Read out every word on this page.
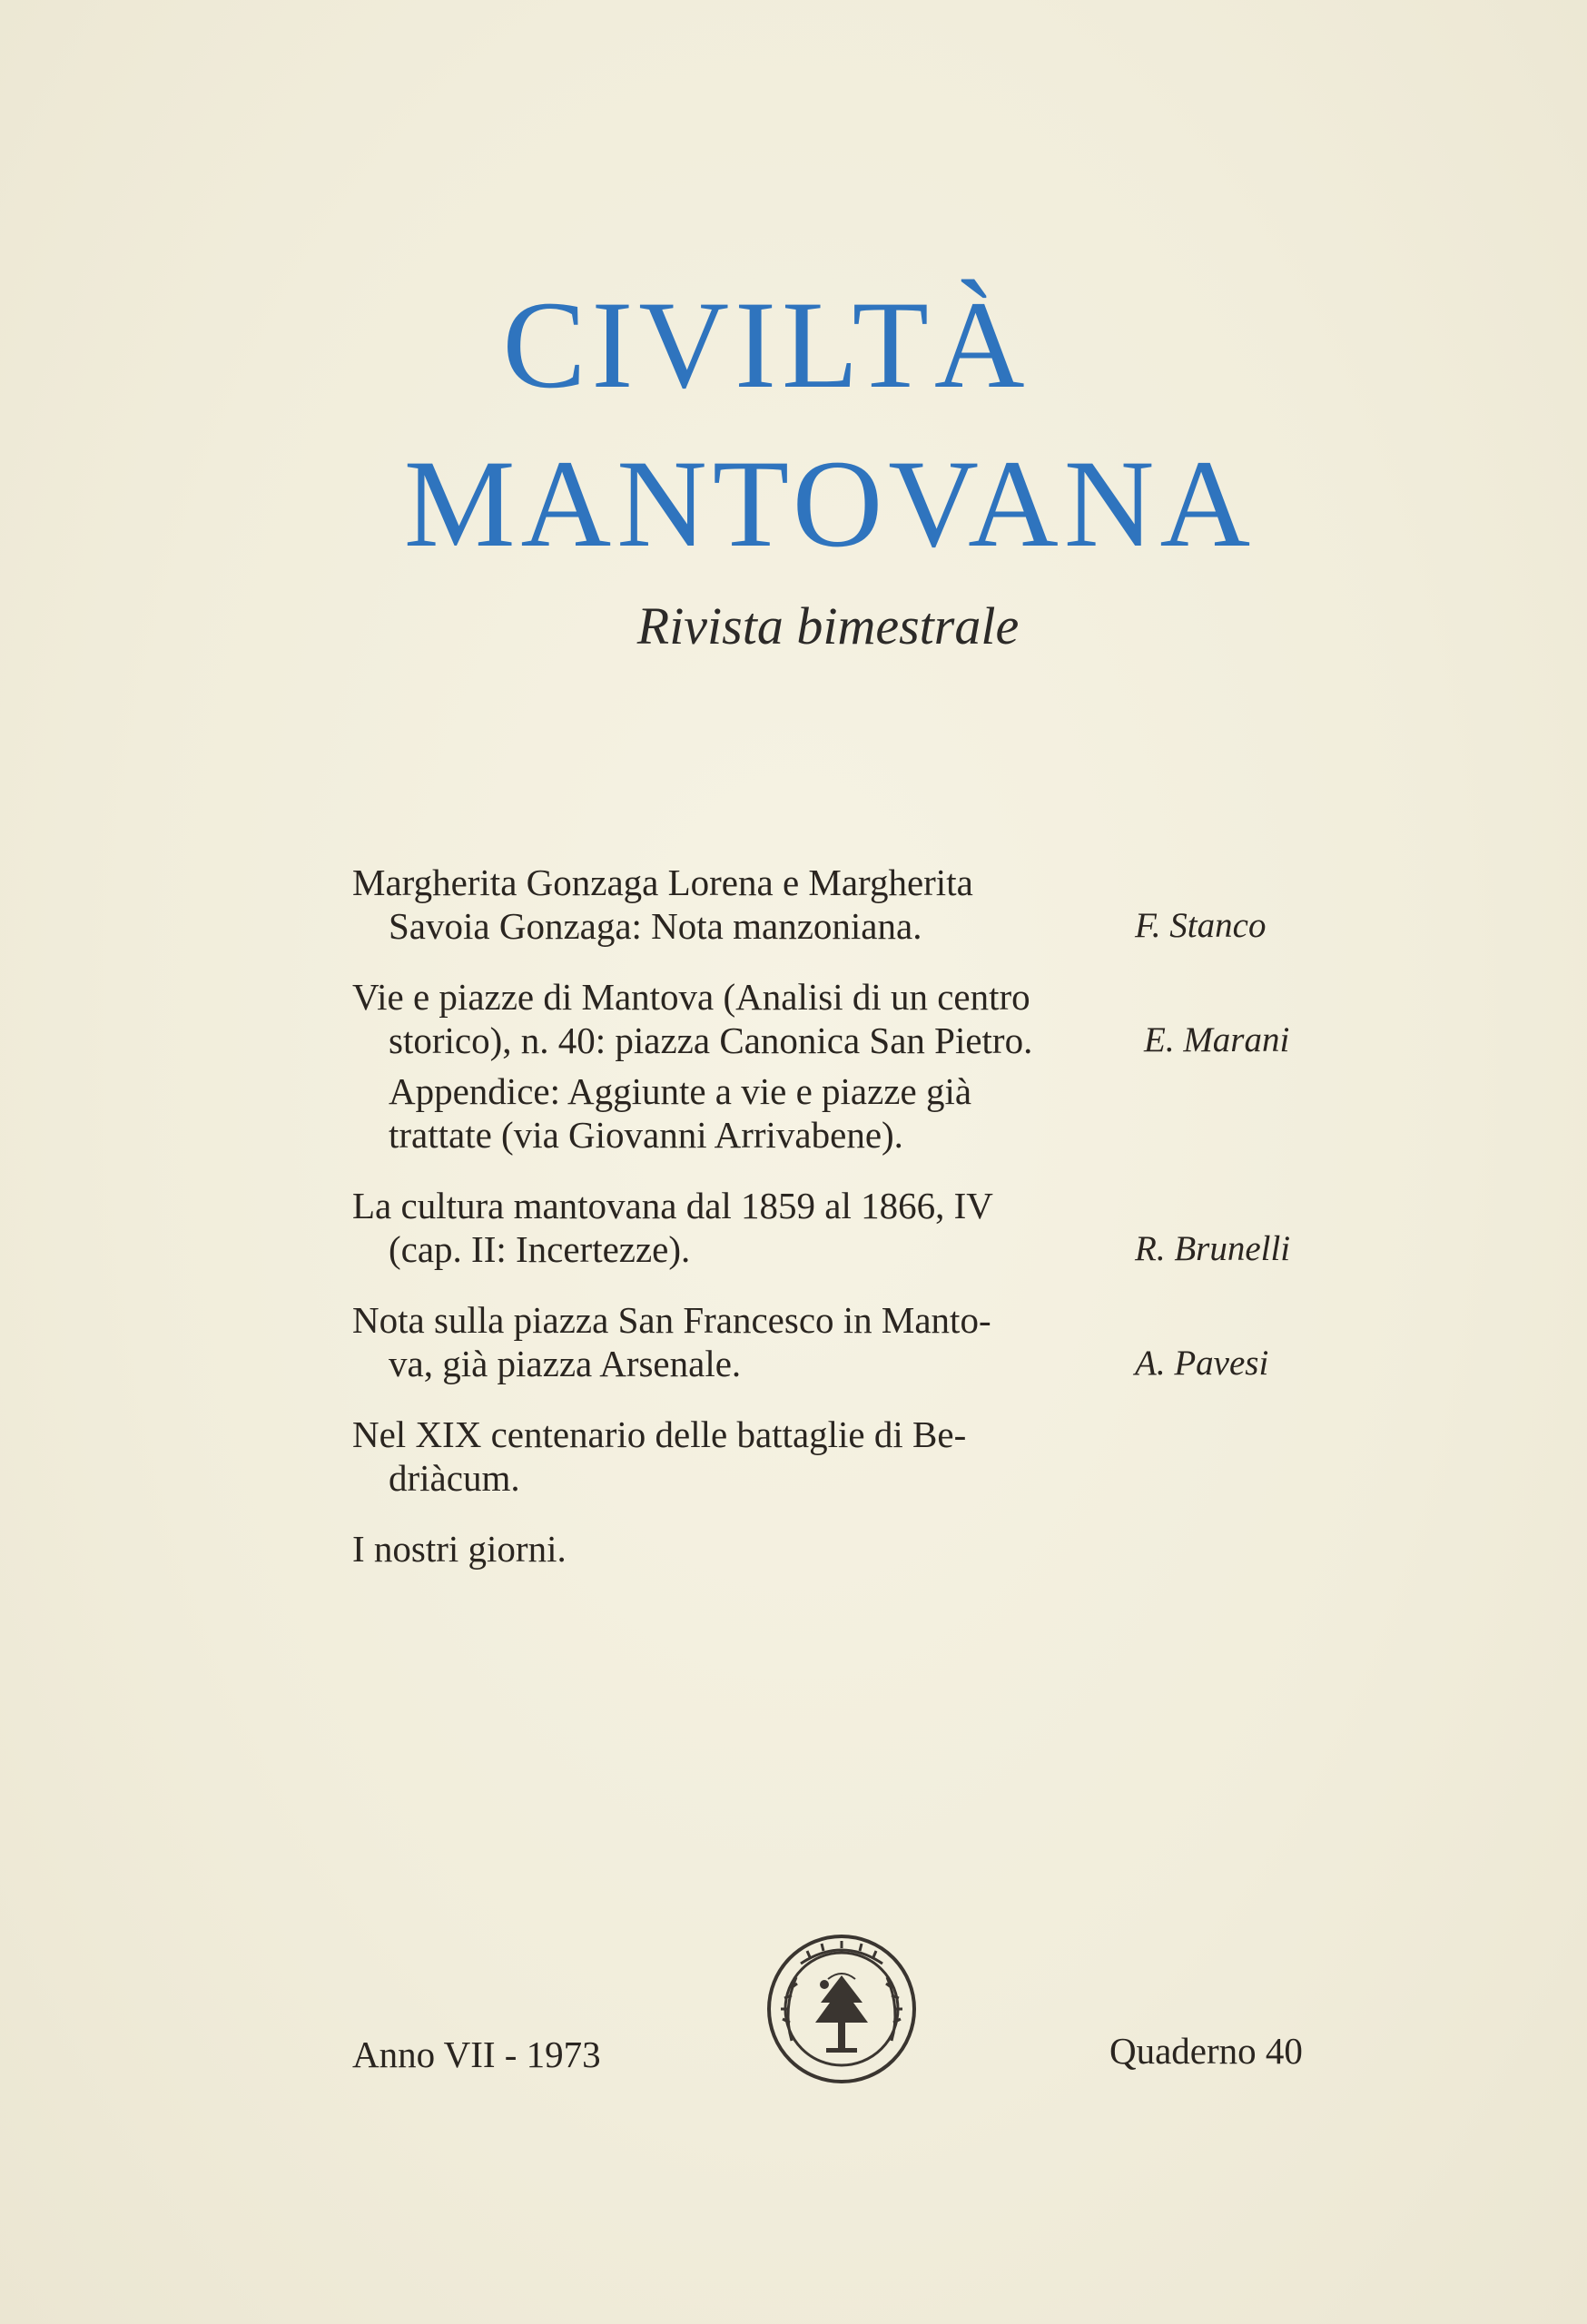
CIVILTÀ
MANTOVANA
Rivista bimestrale
Margherita Gonzaga Lorena e Margherita
Savoia Gonzaga: Nota manzoniana.	F. Stanco
Vie e piazze di Mantova (Analisi di un centro
storico), n. 40: piazza Canonica San Pietro.	E. Marani
Appendice: Aggiunte a vie e piazze già
trattate (via Giovanni Arrivabene).
La cultura mantovana dal 1859 al 1866, IV
(cap. II: Incertezze).	R. Brunelli
Nota sulla piazza San Francesco in Manto-
va, già piazza Arsenale.	A. Pavesi
Nel XIX centenario delle battaglie di Be-
driàcum.
I nostri giorni.
Anno VII - 1973	Quaderno 40
